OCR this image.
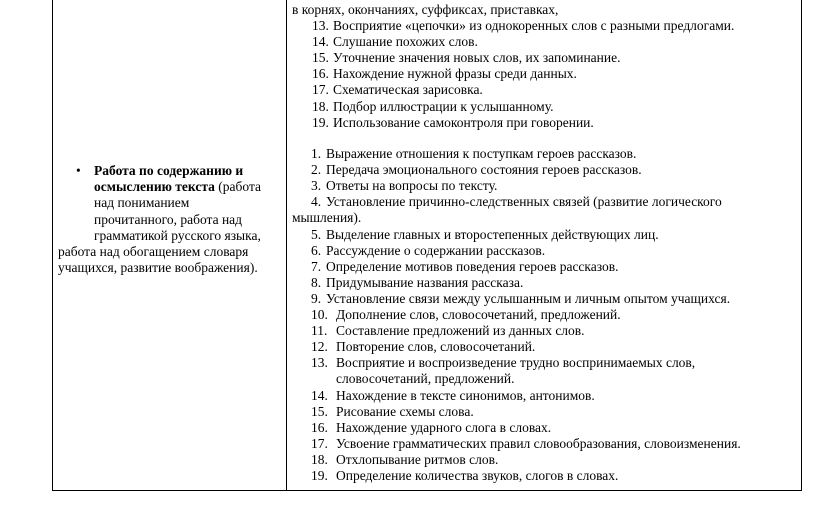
• Работа по содержанию и
осмыслению текста (работа
над пониманием
прочитанного, работа над
грамматикой русского языка,
работа над обогащением словаря
учащихся, развитие воображения).
в корнях, окончаниях, суффиксах, приставках,
13. Восприятие «цепочки» из однокоренных слов с разными предлогами.
14. Слушание похожих слов.
15. Уточнение значения новых слов, их запоминание.
16. Нахождение нужной фразы среди данных.
17. Схематическая зарисовка.
18. Подбор иллюстрации к услышанному.
19. Использование самоконтроля при говорении.
1. Выражение отношения к поступкам героев рассказов.
2. Передача эмоционального состояния героев рассказов.
3. Ответы на вопросы по тексту.
4. Установление причинно-следственных связей (развитие логического
мышления).
5. Выделение главных и второстепенных действующих лиц.
6. Рассуждение о содержании рассказов.
7. Определение мотивов поведения героев рассказов.
8. Придумывание названия рассказа.
9. Установление связи между услышанным и личным опытом учащихся.
10. Дополнение слов, словосочетаний, предложений.
11. Составление предложений из данных слов.
12. Повторение слов, словосочетаний.
13. Восприятие и воспроизведение трудно воспринимаемых слов,
словосочетаний, предложений.
14. Нахождение в тексте синонимов, антонимов.
15. Рисование схемы слова.
16. Нахождение ударного слога в словах.
17. Усвоение грамматических правил словообразования, словоизменения.
18. Отхлопывание ритмов слов.
19. Определение количества звуков, слогов в словах.
